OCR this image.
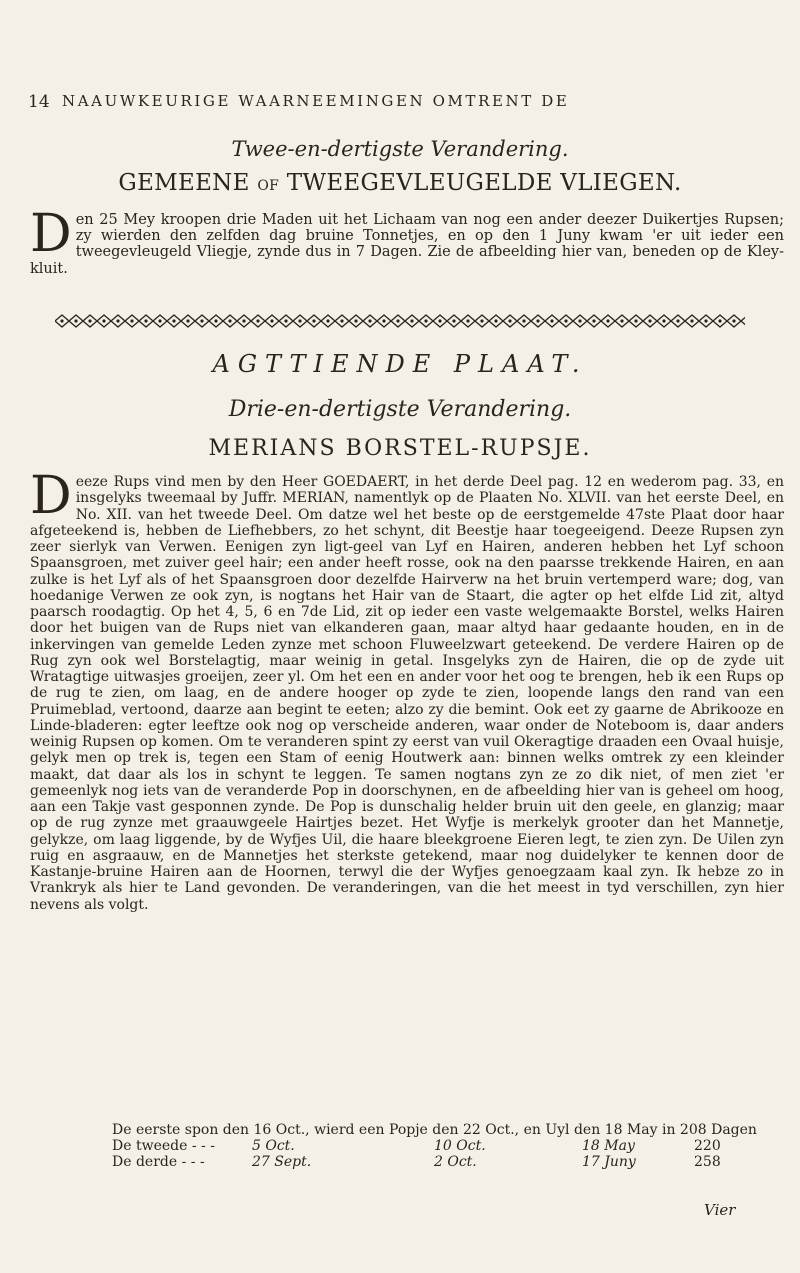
14 NAAUWKEURIGE WAARNEEMINGEN OMTRENT DE
Twee-en-dertigste Verandering.
GEMEENE OF TWEEGEVLEUGELDE VLIEGEN.
D en 25 Mey kroopen drie Maden uit het Lichaam van nog een ander deezer Duikertjes Rupsen; zy wierden den zelfden dag bruine Tonnetjes, en op den 1 Juny kwam 'er uit ieder een tweegevleugeld Vliegje, zynde dus in 7 Dagen. Zie de afbeelding hier van, beneden op de Kley-kluit.
AGTTIENDE PLAAT.
Drie-en-dertigste Verandering.
MERIANS BORSTEL-RUPSJE.
D eeze Rups vind men by den Heer GOEDAERT, in het derde Deel pag. 12 en wederom pag. 33, en insgelyks tweemaal by Juffr. MERIAN, namentlyk op de Plaaten No. XLVII. van het eerste Deel, en No. XII. van het tweede Deel. Om datze wel het beste op de eerstgemelde 47ste Plaat door haar afgeteekend is, hebben de Liefhebbers, zo het schynt, dit Beestje haar toegeeigend. Deeze Rupsen zyn zeer sierlyk van Verwen. Eenigen zyn ligt-geel van Lyf en Hairen, anderen hebben het Lyf schoon Spaansgroen, met zuiver geel hair; een ander heeft rosse, ook na den paarsse trekkende Hairen, en aan zulke is het Lyf als of het Spaansgroen door dezelfde Hairverw na het bruin vertemperd ware; dog, van hoedanige Verwen ze ook zyn, is nogtans het Hair van de Staart, die agter op het elfde Lid zit, altyd paarsch roodagtig. Op het 4, 5, 6 en 7de Lid, zit op ieder een vaste welgemaakte Borstel, welks Hairen door het buigen van de Rups niet van elkanderen gaan, maar altyd haar gedaante houden, en in de inkervingen van gemelde Leden zynze met schoon Fluweelzwart geteekend. De verdere Hairen op de Rug zyn ook wel Borstelagtig, maar weinig in getal. Insgelyks zyn de Hairen, die op de zyde uit Wratagtige uitwasjes groeijen, zeer yl. Om het een en ander voor het oog te brengen, heb ik een Rups op de rug te zien, om laag, en de andere hooger op zyde te zien, loopende langs den rand van een Pruimeblad, vertoond, daarze aan begint te eeten; alzo zy die bemint. Ook eet zy gaarne de Abrikooze en Linde-bladeren: egter leeftze ook nog op verscheide anderen, waar onder de Noteboom is, daar anders weinig Rupsen op komen. Om te veranderen spint zy eerst van vuil Okeragtige draaden een Ovaal huisje, gelyk men op trek is, tegen een Stam of eenig Houtwerk aan: binnen welks omtrek zy een kleinder maakt, dat daar als los in schynt te leggen. Te samen nogtans zyn ze zo dik niet, of men ziet 'er gemeenlyk nog iets van de veranderde Pop in doorschynen, en de afbeelding hier van is geheel om hoog, aan een Takje vast gesponnen zynde. De Pop is dunschalig helder bruin uit den geele, en glanzig; maar op de rug zynze met graauwgeele Hairtjes bezet. Het Wyfje is merkelyk grooter dan het Mannetje, gelykze, om laag liggende, by de Wyfjes Uil, die haare bleekgroene Eieren legt, te zien zyn. De Uilen zyn ruig en asgraauw, en de Mannetjes het sterkste getekend, maar nog duidelyker te kennen door de Kastanje-bruine Hairen aan de Hoornen, terwyl die der Wyfjes genoegzaam kaal zyn. Ik hebze zo in Vrankryk als hier te Land gevonden. De veranderingen, van die het meest in tyd verschillen, zyn hier nevens als volgt.
De eerste spon den 16 Oct., wierd een Popje den 22 Oct., en Uyl den 18 May in 208 Dagen
De tweede - - -	5 Oct.	10 Oct.	18 May	220
De derde - - -	27 Sept.	2 Oct.	17 Juny	258
Vier
